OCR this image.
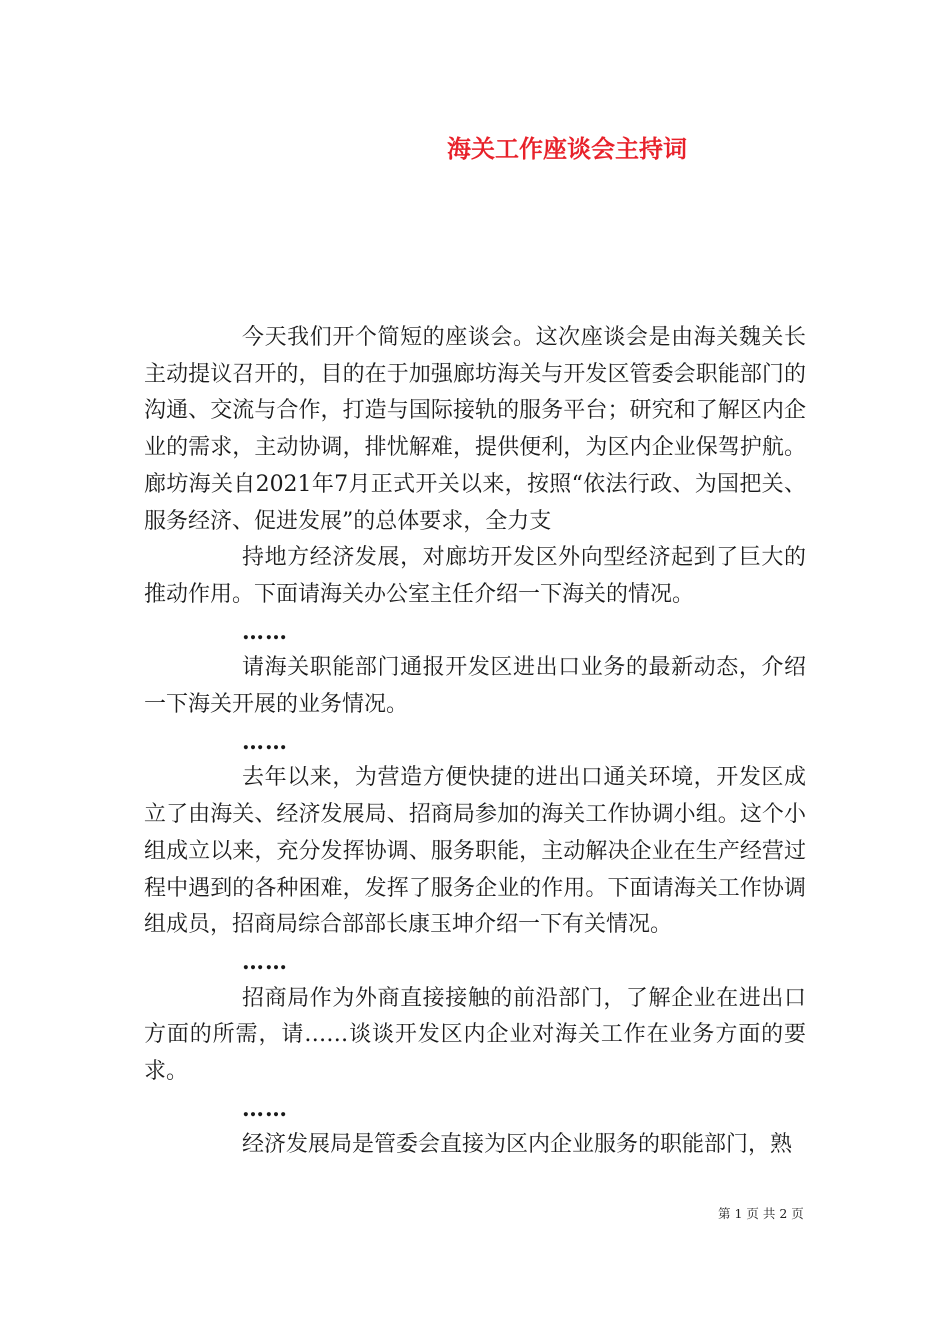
海关工作座谈会主持词

今天我们开个简短的座谈会。这次座谈会是由海关魏关长主动提议召开的，目的在于加强廊坊海关与开发区管委会职能部门的沟通、交流与合作，打造与国际接轨的服务平台；研究和了解区内企业的需求，主动协调，排忧解难，提供便利，为区内企业保驾护航。廊坊海关自2021年7月正式开关以来，按照“依法行政、为国把关、服务经济、促进发展”的总体要求，全力支

持地方经济发展，对廊坊开发区外向型经济起到了巨大的推动作用。下面请海关办公室主任介绍一下海关的情况。

……

请海关职能部门通报开发区进出口业务的最新动态，介绍一下海关开展的业务情况。

……

去年以来，为营造方便快捷的进出口通关环境，开发区成立了由海关、经济发展局、招商局参加的海关工作协调小组。这个小组成立以来，充分发挥协调、服务职能，主动解决企业在生产经营过程中遇到的各种困难，发挥了服务企业的作用。下面请海关工作协调组成员，招商局综合部部长康玉坤介绍一下有关情况。

……

招商局作为外商直接接触的前沿部门，了解企业在进出口方面的所需，请……谈谈开发区内企业对海关工作在业务方面的要求。

……

经济发展局是管委会直接为区内企业服务的职能部门，熟

第 1 页 共 2 页
